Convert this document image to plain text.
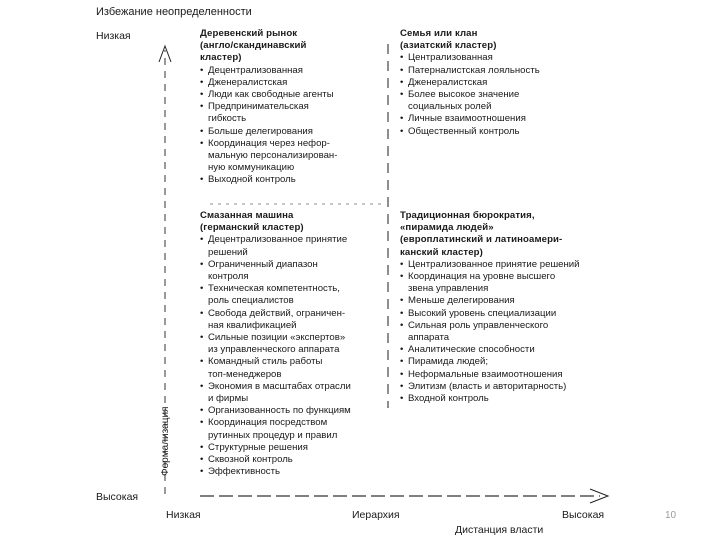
Избежание неопределенности
Низкая
Высокая
Формализация
Низкая	Иерархия	Высокая
Дистанция власти
Деревенский рынок
(англо/скандинавский
кластер)
• Децентрализованная
• Дженералистская
• Люди как свободные агенты
• Предпринимательская
гибкость
• Больше делегирования
• Координация через нефор-
мальную персонализирован-
ную коммуникацию
• Выходной контроль
Семья или клан
(азиатский кластер)
• Централизованная
• Патерналистская лояльность
• Дженералистская
• Более высокое значение
социальных ролей
• Личные взаимоотношения
• Общественный контроль
Смазанная машина
(германский кластер)
• Децентрализованное принятие
решений
• Ограниченный диапазон
контроля
• Техническая компетентность,
роль специалистов
• Свобода действий, ограничен-
ная квалификацией
• Сильные позиции «экспертов»
из управленческого аппарата
• Командный стиль работы
топ-менеджеров
• Экономия в масштабах отрасли
и фирмы
• Организованность по функциям
• Координация посредством
рутинных процедур и правил
• Структурные решения
• Сквозной контроль
• Эффективность
Традиционная бюрократия,
«пирамида людей»
(европлатинский и латиноамери-
канский кластер)
• Централизованное принятие решений
• Координация на уровне высшего
звена управления
• Меньше делегирования
• Высокий уровень специализации
• Сильная роль управленческого
аппарата
• Аналитические способности
• Пирамида людей;
• Неформальные взаимоотношения
• Элитизм (власть и авторитарность)
• Входной контроль
10
